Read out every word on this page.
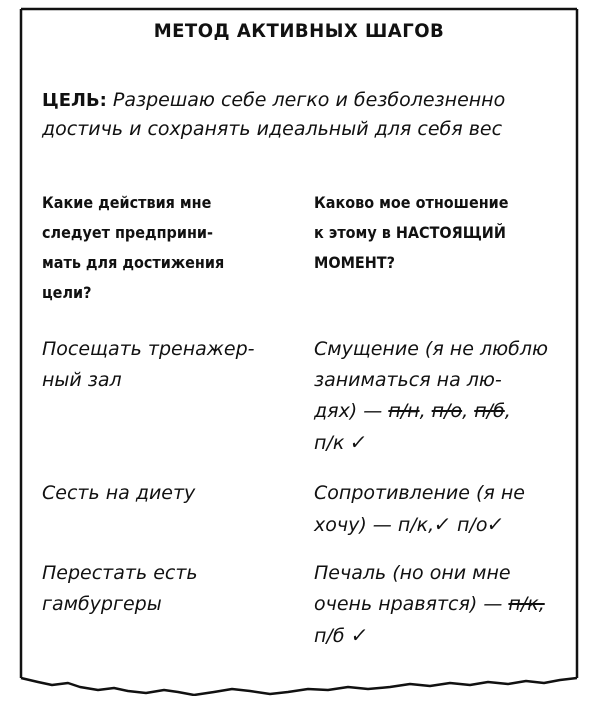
МЕТОД АКТИВНЫХ ШАГОВ
ЦЕЛЬ: Разрешаю себе легко и безболезненно
достичь и сохранять идеальный для себя вес
Какие действия мне
следует предприни-
мать для достижения
цели?
Каково мое отношение
к этому в НАСТОЯЩИЙ
МОМЕНТ?
Посещать тренажер-
ный зал
Смущение (я не люблю
заниматься на лю-
дях) — п/н, п/о, п/б,
п/к ✓
Сесть на диету	Сопротивление (я не
хочу) — п/к,✓ п/о✓
Перестать есть
гамбургеры
Печаль (но они мне
очень нравятся) — п/к,
п/б ✓
